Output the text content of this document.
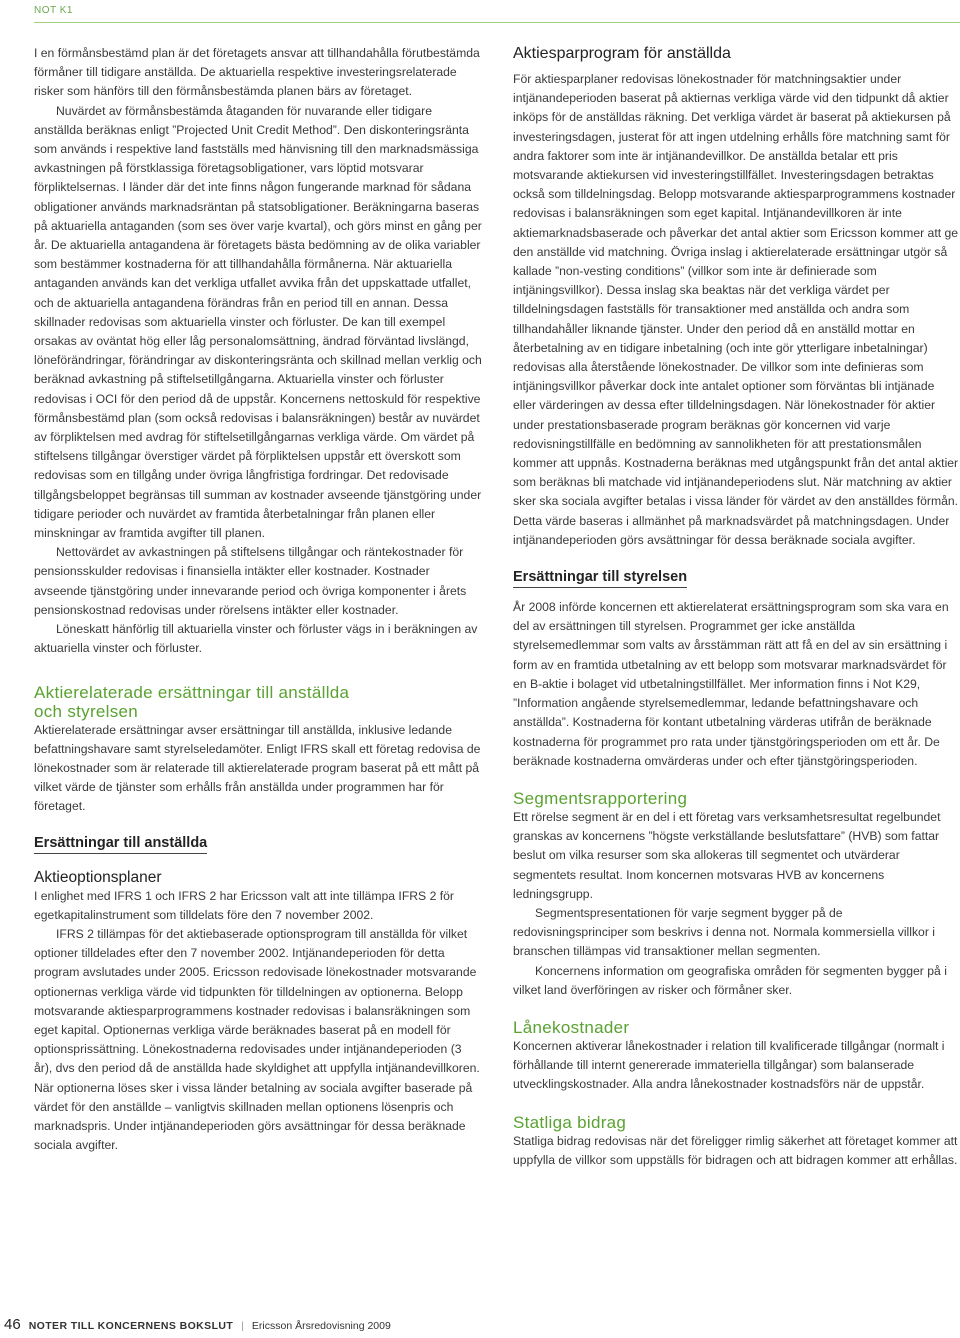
NOT K1

I en förmånsbestämd plan är det företagets ansvar att tillhandahålla förutbestämda förmåner till tidigare anställda. De aktuariella respektive investeringsrelaterade risker som hänförs till den förmånsbestämda planen bärs av företaget.

Nuvärdet av förmånsbestämda åtaganden för nuvarande eller tidigare anställda beräknas enligt ”Projected Unit Credit Method”. Den diskonteringsränta som används i respektive land fastställs med hänvisning till den marknadsmässiga avkastningen på förstklassiga företagsobligationer, vars löptid motsvarar förpliktelsernas. I länder där det inte finns någon fungerande marknad för sådana obligationer används marknadsräntan på statsobligationer. Beräkningarna baseras på aktuariella antaganden (som ses över varje kvartal), och görs minst en gång per år. De aktuariella antagandena är företagets bästa bedömning av de olika variabler som bestämmer kostnaderna för att tillhandahålla förmånerna. När aktuariella antaganden används kan det verkliga utfallet avvika från det uppskattade utfallet, och de aktuariella antagandena förändras från en period till en annan. Dessa skillnader redovisas som aktuariella vinster och förluster. De kan till exempel orsakas av oväntat hög eller låg personalomsättning, ändrad förväntad livslängd, löneförändringar, förändringar av diskonteringsränta och skillnad mellan verklig och beräknad avkastning på stiftelsetillgångarna. Aktuariella vinster och förluster redovisas i OCI för den period då de uppstår. Koncernens nettoskuld för respektive förmånsbestämd plan (som också redovisas i balansräkningen) består av nuvärdet av förpliktelsen med avdrag för stiftelsetillgångarnas verkliga värde. Om värdet på stiftelsens tillgångar överstiger värdet på förpliktelsen uppstår ett överskott som redovisas som en tillgång under övriga långfristiga fordringar. Det redovisade tillgångsbeloppet begränsas till summan av kostnader avseende tjänstgöring under tidigare perioder och nuvärdet av framtida återbetalningar från planen eller minskningar av framtida avgifter till planen.

Nettovärdet av avkastningen på stiftelsens tillgångar och räntekostnader för pensionsskulder redovisas i finansiella intäkter eller kostnader. Kostnader avseende tjänstgöring under innevarande period och övriga komponenter i årets pensionskostnad redovisas under rörelsens intäkter eller kostnader.

Löneskatt hänförlig till aktuariella vinster och förluster vägs in i beräkningen av aktuariella vinster och förluster.

Aktierelaterade ersättningar till anställda
och styrelsen

Aktierelaterade ersättningar avser ersättningar till anställda, inklusive ledande befattningshavare samt styrelseledamöter. Enligt IFRS skall ett företag redovisa de lönekostnader som är relaterade till aktierelaterade program baserat på ett mått på vilket värde de tjänster som erhålls från anställda under programmen har för företaget.

Ersättningar till anställda
Aktieoptionsplaner

I enlighet med IFRS 1 och IFRS 2 har Ericsson valt att inte tillämpa IFRS 2 för egetkapitalinstrument som tilldelats före den 7 november 2002.

IFRS 2 tillämpas för det aktiebaserade optionsprogram till anställda för vilket optioner tilldelades efter den 7 november 2002. Intjänandeperioden för detta program avslutades under 2005. Ericsson redovisade lönekostnader motsvarande optionernas verkliga värde vid tidpunkten för tilldelningen av optionerna. Belopp motsvarande aktiesparprogrammens kostnader redovisas i balansräkningen som eget kapital. Optionernas verkliga värde beräknades baserat på en modell för optionsprissättning. Lönekostnaderna redovisades under intjänandeperioden (3 år), dvs den period då de anställda hade skyldighet att uppfylla intjänandevillkoren. När optionerna löses sker i vissa länder betalning av sociala avgifter baserade på värdet för den anställde – vanligtvis skillnaden mellan optionens lösenpris och marknadspris. Under intjänandeperioden görs avsättningar för dessa beräknade sociala avgifter.

Aktiesparprogram för anställda

För aktiesparplaner redovisas lönekostnader för matchningsaktier under intjänandeperioden baserat på aktiernas verkliga värde vid den tidpunkt då aktier inköps för de anställdas räkning. Det verkliga värdet är baserat på aktiekursen på investeringsdagen, justerat för att ingen utdelning erhålls före matchning samt för andra faktorer som inte är intjänandevillkor. De anställda betalar ett pris motsvarande aktiekursen vid investeringstillfället. Investeringsdagen betraktas också som tilldelningsdag. Belopp motsvarande aktiesparprogrammens kostnader redovisas i balansräkningen som eget kapital. Intjänandevillkoren är inte aktiemarknadsbaserade och påverkar det antal aktier som Ericsson kommer att ge den anställde vid matchning. Övriga inslag i aktierelaterade ersättningar utgör så kallade ”non-vesting conditions” (villkor som inte är definierade som intjäningsvillkor). Dessa inslag ska beaktas när det verkliga värdet per tilldelningsdagen fastställs för transaktioner med anställda och andra som tillhandahåller liknande tjänster. Under den period då en anställd mottar en återbetalning av en tidigare inbetalning (och inte gör ytterligare inbetalningar) redovisas alla återstående lönekostnader. De villkor som inte definieras som intjäningsvillkor påverkar dock inte antalet optioner som förväntas bli intjänade eller värderingen av dessa efter tilldelningsdagen. När lönekostnader för aktier under prestationsbaserade program beräknas gör koncernen vid varje redovisningstillfälle en bedömning av sannolikheten för att prestationsmålen kommer att uppnås. Kostnaderna beräknas med utgångspunkt från det antal aktier som beräknas bli matchade vid intjänandeperiodens slut. När matchning av aktier sker ska sociala avgifter betalas i vissa länder för värdet av den anställdes förmån. Detta värde baseras i allmänhet på marknadsvärdet på matchningsdagen. Under intjänandeperioden görs avsättningar för dessa beräknade sociala avgifter.

Ersättningar till styrelsen

År 2008 införde koncernen ett aktierelaterat ersättningsprogram som ska vara en del av ersättningen till styrelsen. Programmet ger icke anställda styrelsemedlemmar som valts av årsstämman rätt att få en del av sin ersättning i form av en framtida utbetalning av ett belopp som motsvarar marknadsvärdet för en B-aktie i bolaget vid utbetalningstillfället. Mer information finns i Not K29, ”Information angående styrelsemedlemmar, ledande befattningshavare och anställda”. Kostnaderna för kontant utbetalning värderas utifrån de beräknade kostnaderna för programmet pro rata under tjänstgöringsperioden om ett år. De beräknade kostnaderna omvärderas under och efter tjänstgöringsperioden.

Segmentsrapportering

Ett rörelse segment är en del i ett företag vars verksamhetsresultat regelbundet granskas av koncernens ”högste verkställande beslutsfattare” (HVB) som fattar beslut om vilka resurser som ska allokeras till segmentet och utvärderar segmentets resultat. Inom koncernen motsvaras HVB av koncernens ledningsgrupp.

Segmentspresentationen för varje segment bygger på de redovisningsprinciper som beskrivs i denna not. Normala kommersiella villkor i branschen tillämpas vid transaktioner mellan segmenten.

Koncernens information om geografiska områden för segmenten bygger på i vilket land överföringen av risker och förmåner sker.

Lånekostnader

Koncernen aktiverar lånekostnader i relation till kvalificerade tillgångar (normalt i förhållande till internt genererade immateriella tillgångar) som balanserade utvecklingskostnader. Alla andra lånekostnader kostnadsförs när de uppstår.

Statliga bidrag

Statliga bidrag redovisas när det föreligger rimlig säkerhet att företaget kommer att uppfylla de villkor som uppställs för bidragen och att bidragen kommer att erhållas.

46 NOTER TILL KONCERNENS BOKSLUT | Ericsson Årsredovisning 2009
